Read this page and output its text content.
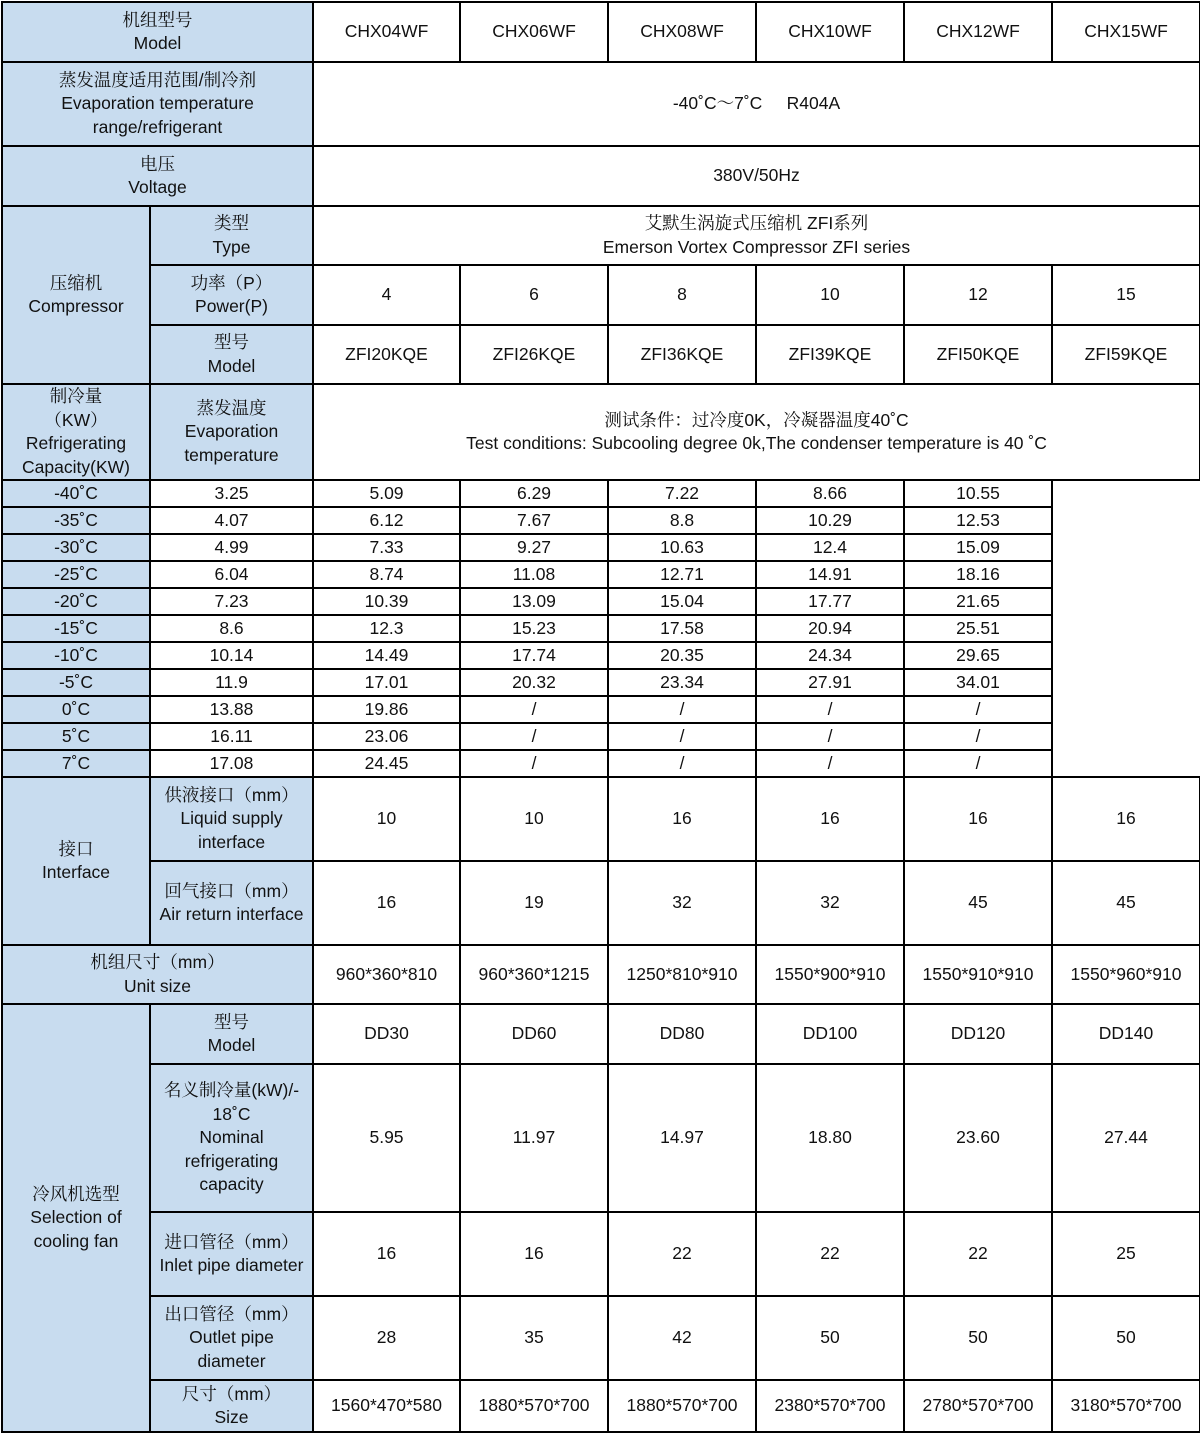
机组型号
Model		CHX04WF	CHX06WF	CHX08WF	CHX10WF	CHX12WF	CHX15WF

蒸发温度适用范围/制冷剂
Evaporation temperature
range/refrigerant		-40˚C～7˚C     R404A					

电压
Voltage		380V/50Hz					

压缩机
Compressor	类型
Type	艾默生涡旋式压缩机 ZFI系列
Emerson Vortex Compressor ZFI series					

	功率（P）
Power(P)	4	6	8	10	12	15

	型号
Model	ZFI20KQE	ZFI26KQE	ZFI36KQE	ZFI39KQE	ZFI50KQE	ZFI59KQE

制冷量
（KW）
Refrigerating
Capacity(KW)	蒸发温度
Evaporation
temperature	测试条件：过冷度0K，冷凝器温度40˚C
Test conditions: Subcooling degree 0k,The condenser temperature is 40 ˚C					

-40˚C	3.25	5.09	6.29	7.22	8.66	10.55	
-35˚C	4.07	6.12	7.67	8.8	10.29	12.53	
-30˚C	4.99	7.33	9.27	10.63	12.4	15.09	
-25˚C	6.04	8.74	11.08	12.71	14.91	18.16	
-20˚C	7.23	10.39	13.09	15.04	17.77	21.65	
-15˚C	8.6	12.3	15.23	17.58	20.94	25.51	
-10˚C	10.14	14.49	17.74	20.35	24.34	29.65	
-5˚C	11.9	17.01	20.32	23.34	27.91	34.01	
0˚C	13.88	19.86	/	/	/	/	
5˚C	16.11	23.06	/	/	/	/	
7˚C	17.08	24.45	/	/	/	/	

接口
Interface	供液接口（mm）
Liquid supply
interface	10	10	16	16	16	16

	回气接口（mm）
Air return interface	16	19	32	32	45	45

机组尺寸（mm）
Unit size		960*360*810	960*360*1215	1250*810*910	1550*900*910	1550*910*910	1550*960*910

冷风机选型
Selection of
cooling fan	型号
Model	DD30	DD60	DD80	DD100	DD120	DD140

	名义制冷量(kW)/-
18˚C
Nominal
refrigerating
capacity	5.95	11.97	14.97	18.80	23.60	27.44

	进口管径（mm）
Inlet pipe diameter	16	16	22	22	22	25

	出口管径（mm）
Outlet pipe
diameter	28	35	42	50	50	50

	尺寸（mm）
Size	1560*470*580	1880*570*700	1880*570*700	2380*570*700	2780*570*700	3180*570*700
